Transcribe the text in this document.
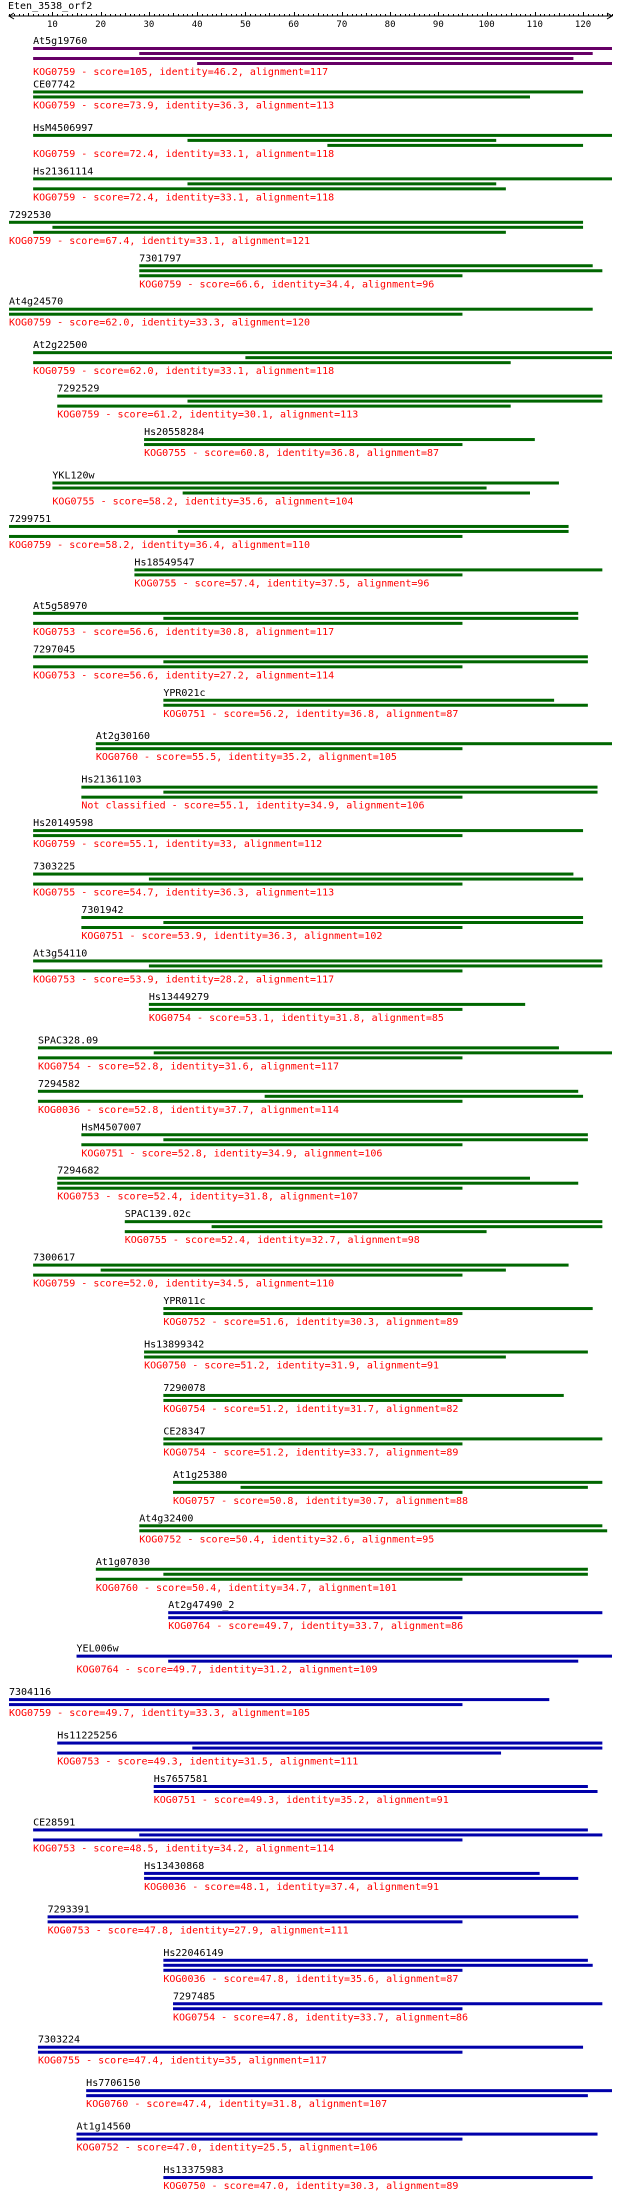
Eten_3538_orf2
10	20	30	40	50	60	70	80	90	100	110	120
At5g19760
KOG0759 - score=105, identity=46.2, alignment=117
CE07742
KOG0759 - score=73.9, identity=36.3, alignment=113
HsM4506997
KOG0759 - score=72.4, identity=33.1, alignment=118
Hs21361114
KOG0759 - score=72.4, identity=33.1, alignment=118
7292530
KOG0759 - score=67.4, identity=33.1, alignment=121
7301797
KOG0759 - score=66.6, identity=34.4, alignment=96
At4g24570
KOG0759 - score=62.0, identity=33.3, alignment=120
At2g22500
KOG0759 - score=62.0, identity=33.1, alignment=118
7292529
KOG0759 - score=61.2, identity=30.1, alignment=113
Hs20558284
KOG0755 - score=60.8, identity=36.8, alignment=87
YKL120w
KOG0755 - score=58.2, identity=35.6, alignment=104
7299751
KOG0759 - score=58.2, identity=36.4, alignment=110
Hs18549547
KOG0755 - score=57.4, identity=37.5, alignment=96
At5g58970
KOG0753 - score=56.6, identity=30.8, alignment=117
7297045
KOG0753 - score=56.6, identity=27.2, alignment=114
YPR021c
KOG0751 - score=56.2, identity=36.8, alignment=87
At2g30160
KOG0760 - score=55.5, identity=35.2, alignment=105
Hs21361103
Not classified - score=55.1, identity=34.9, alignment=106
Hs20149598
KOG0759 - score=55.1, identity=33, alignment=112
7303225
KOG0755 - score=54.7, identity=36.3, alignment=113
7301942
KOG0751 - score=53.9, identity=36.3, alignment=102
At3g54110
KOG0753 - score=53.9, identity=28.2, alignment=117
Hs13449279
KOG0754 - score=53.1, identity=31.8, alignment=85
SPAC328.09
KOG0754 - score=52.8, identity=31.6, alignment=117
7294582
KOG0036 - score=52.8, identity=37.7, alignment=114
HsM4507007
KOG0751 - score=52.8, identity=34.9, alignment=106
7294682
KOG0753 - score=52.4, identity=31.8, alignment=107
SPAC139.02c
KOG0755 - score=52.4, identity=32.7, alignment=98
7300617
KOG0759 - score=52.0, identity=34.5, alignment=110
YPR011c
KOG0752 - score=51.6, identity=30.3, alignment=89
Hs13899342
KOG0750 - score=51.2, identity=31.9, alignment=91
7290078
KOG0754 - score=51.2, identity=31.7, alignment=82
CE28347
KOG0754 - score=51.2, identity=33.7, alignment=89
At1g25380
KOG0757 - score=50.8, identity=30.7, alignment=88
At4g32400
KOG0752 - score=50.4, identity=32.6, alignment=95
At1g07030
KOG0760 - score=50.4, identity=34.7, alignment=101
At2g47490_2
KOG0764 - score=49.7, identity=33.7, alignment=86
YEL006w
KOG0764 - score=49.7, identity=31.2, alignment=109
7304116
KOG0759 - score=49.7, identity=33.3, alignment=105
Hs11225256
KOG0753 - score=49.3, identity=31.5, alignment=111
Hs7657581
KOG0751 - score=49.3, identity=35.2, alignment=91
CE28591
KOG0753 - score=48.5, identity=34.2, alignment=114
Hs13430868
KOG0036 - score=48.1, identity=37.4, alignment=91
7293391
KOG0753 - score=47.8, identity=27.9, alignment=111
Hs22046149
KOG0036 - score=47.8, identity=35.6, alignment=87
7297485
KOG0754 - score=47.8, identity=33.7, alignment=86
7303224
KOG0755 - score=47.4, identity=35, alignment=117
Hs7706150
KOG0760 - score=47.4, identity=31.8, alignment=107
At1g14560
KOG0752 - score=47.0, identity=25.5, alignment=106
Hs13375983
KOG0750 - score=47.0, identity=30.3, alignment=89
